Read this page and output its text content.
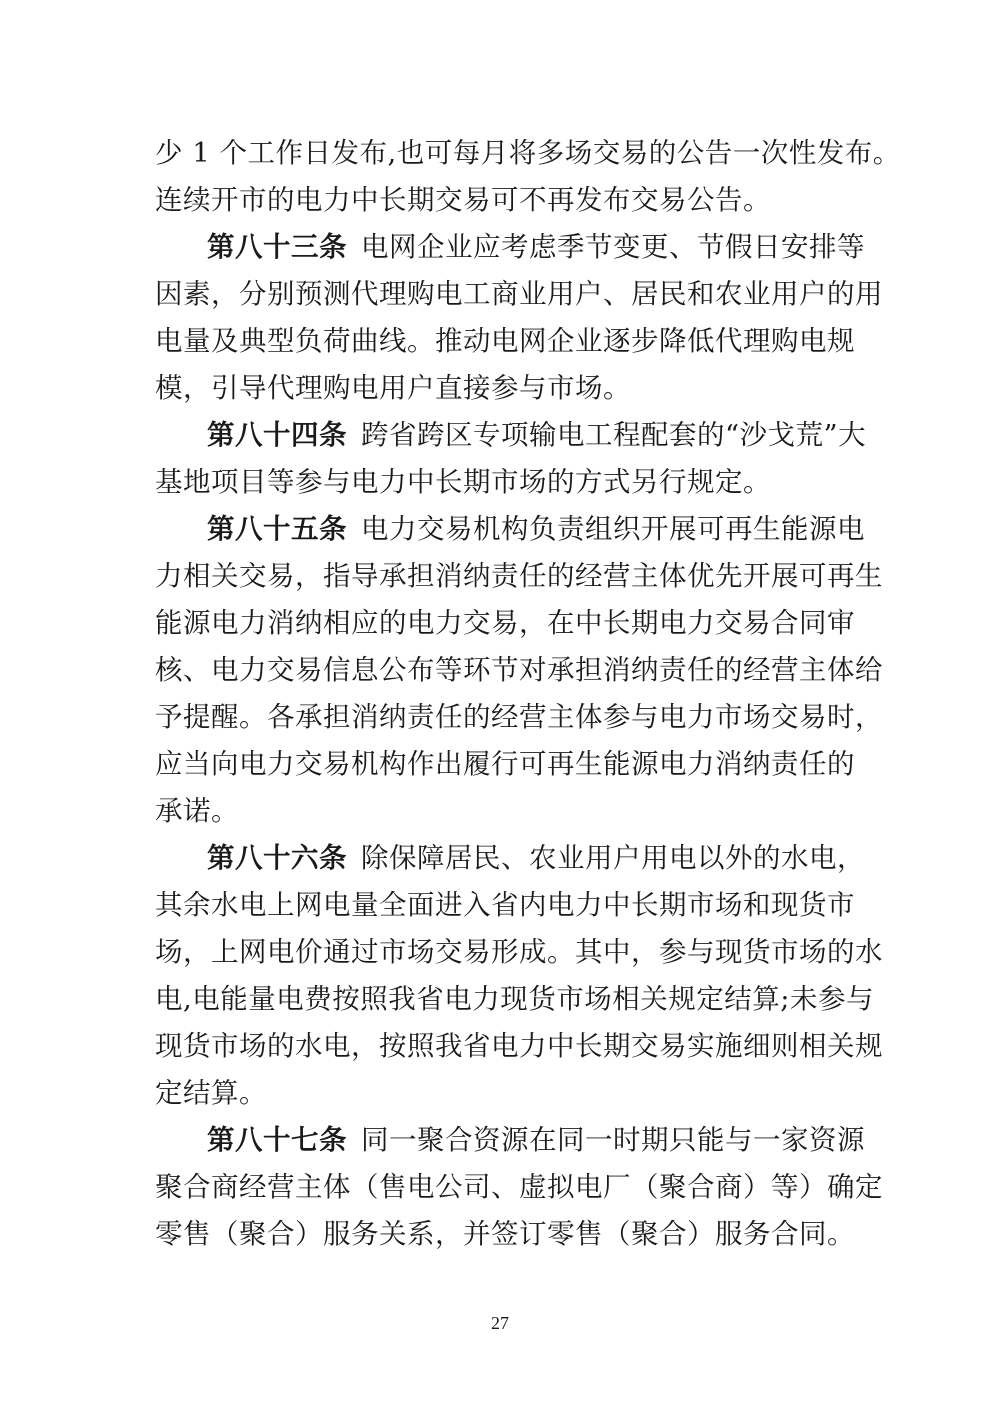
少 1 个工作日发布,也可每月将多场交易的公告一次性发布。
连续开市的电力中长期交易可不再发布交易公告。
第八十三条 电网企业应考虑季节变更、节假日安排等
因素，分别预测代理购电工商业用户、居民和农业用户的用
电量及典型负荷曲线。推动电网企业逐步降低代理购电规
模，引导代理购电用户直接参与市场。
第八十四条 跨省跨区专项输电工程配套的“沙戈荒”大
基地项目等参与电力中长期市场的方式另行规定。
第八十五条 电力交易机构负责组织开展可再生能源电
力相关交易，指导承担消纳责任的经营主体优先开展可再生
能源电力消纳相应的电力交易，在中长期电力交易合同审
核、电力交易信息公布等环节对承担消纳责任的经营主体给
予提醒。各承担消纳责任的经营主体参与电力市场交易时，
应当向电力交易机构作出履行可再生能源电力消纳责任的
承诺。
第八十六条 除保障居民、农业用户用电以外的水电，
其余水电上网电量全面进入省内电力中长期市场和现货市
场，上网电价通过市场交易形成。其中，参与现货市场的水
电,电能量电费按照我省电力现货市场相关规定结算;未参与
现货市场的水电，按照我省电力中长期交易实施细则相关规
定结算。
第八十七条 同一聚合资源在同一时期只能与一家资源
聚合商经营主体（售电公司、虚拟电厂（聚合商）等）确定
零售（聚合）服务关系，并签订零售（聚合）服务合同。
27
